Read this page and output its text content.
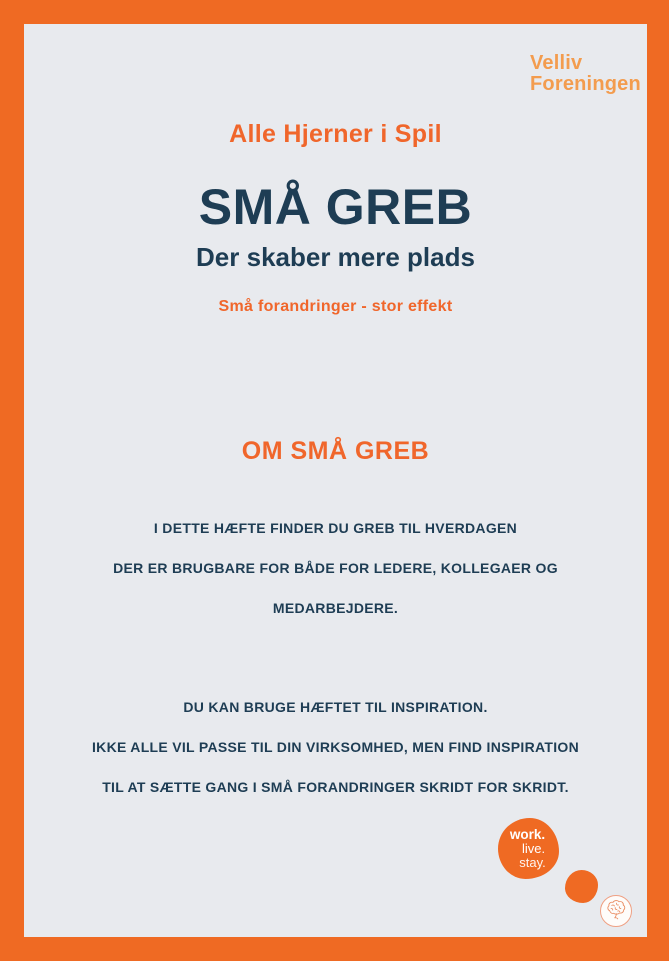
Velliv
Foreningen
Alle Hjerner i Spil
SMÅ GREB
Der skaber mere plads
Små forandringer - stor effekt
OM SMÅ GREB
I DETTE HÆFTE FINDER DU GREB TIL HVERDAGEN
DER ER BRUGBARE FOR BÅDE FOR LEDERE, KOLLEGAER OG
MEDARBEJDERE.
DU KAN BRUGE HÆFTET TIL INSPIRATION.
IKKE ALLE VIL PASSE TIL DIN VIRKSOMHED, MEN FIND INSPIRATION
TIL AT SÆTTE GANG I SMÅ FORANDRINGER SKRIDT FOR SKRIDT.
work.
live.
stay.
